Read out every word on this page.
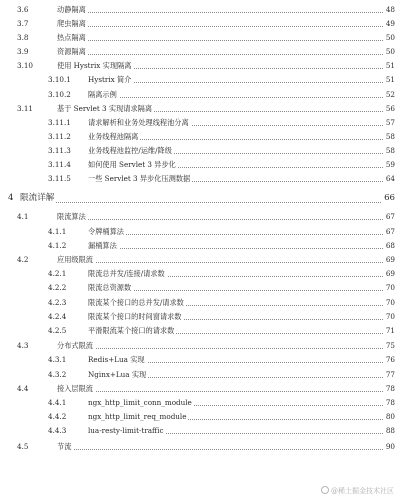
3.6	动静隔离	48
3.7	爬虫隔离	49
3.8	热点隔离	50
3.9	资源隔离	50
3.10	使用 Hystrix 实现隔离	51
3.10.1 Hystrix 简介	51
3.10.2 隔离示例	52
3.11	基于 Servlet 3 实现请求隔离	56
3.11.1 请求解析和业务处理线程池分离	57
3.11.2 业务线程池隔离	58
3.11.3 业务线程池监控/运维/降级	58
3.11.4 如何使用 Servlet 3 异步化	59
3.11.5 一些 Servlet 3 异步化压测数据	64
4 限流详解	66
4.1	限流算法	67
4.1.1	令牌桶算法	67
4.1.2	漏桶算法	68
4.2	应用级限流	69
4.2.1	限流总并发/连接/请求数	69
4.2.2	限流总资源数	70
4.2.3	限流某个接口的总并发/请求数	70
4.2.4	限流某个接口的时间窗请求数	70
4.2.5	平滑限流某个接口的请求数	71
4.3	分布式限流	75
4.3.1	Redis+Lua 实现	76
4.3.2	Nginx+Lua 实现	77
4.4	接入层限流	78
4.4.1	ngx_http_limit_conn_module	78
4.4.2	ngx_http_limit_req_module	80
4.4.3	lua-resty-limit-traffic	88
4.5	节流	90
@稀土掘金技术社区
